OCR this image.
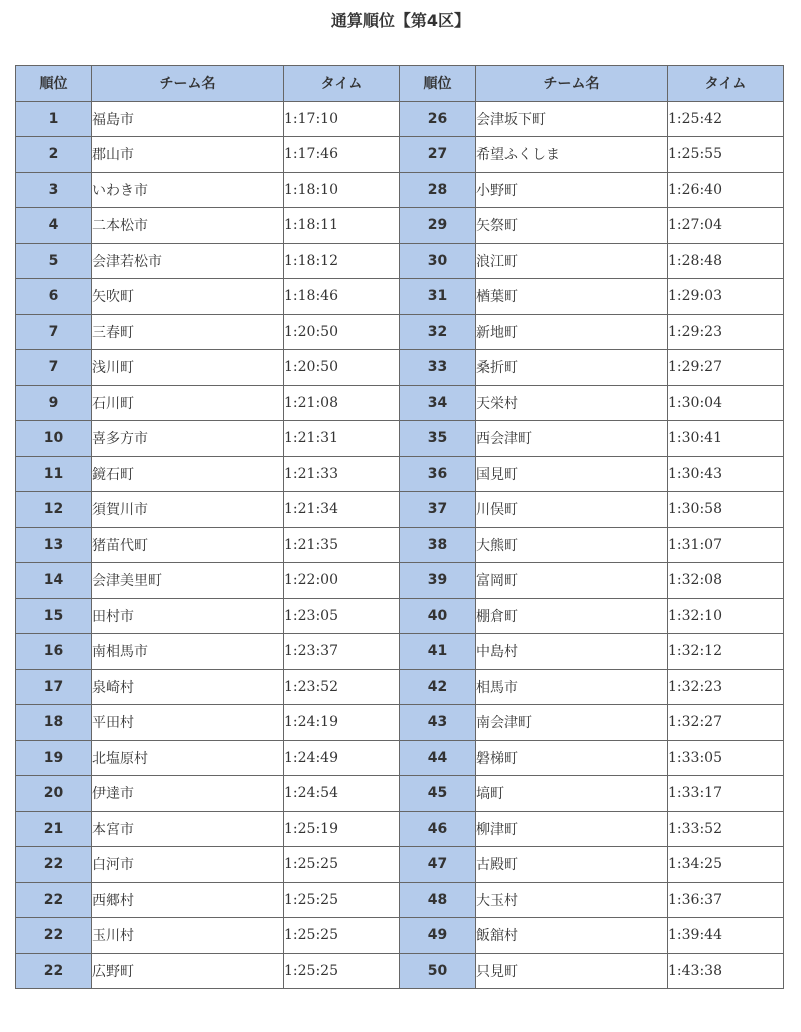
通算順位【第4区】
順位	チーム名	タイム	順位	チーム名	タイム
1	福島市	1:17:10	26	会津坂下町	1:25:42
2	郡山市	1:17:46	27	希望ふくしま	1:25:55
3	いわき市	1:18:10	28	小野町	1:26:40
4	二本松市	1:18:11	29	矢祭町	1:27:04
5	会津若松市	1:18:12	30	浪江町	1:28:48
6	矢吹町	1:18:46	31	楢葉町	1:29:03
7	三春町	1:20:50	32	新地町	1:29:23
7	浅川町	1:20:50	33	桑折町	1:29:27
9	石川町	1:21:08	34	天栄村	1:30:04
10	喜多方市	1:21:31	35	西会津町	1:30:41
11	鏡石町	1:21:33	36	国見町	1:30:43
12	須賀川市	1:21:34	37	川俣町	1:30:58
13	猪苗代町	1:21:35	38	大熊町	1:31:07
14	会津美里町	1:22:00	39	富岡町	1:32:08
15	田村市	1:23:05	40	棚倉町	1:32:10
16	南相馬市	1:23:37	41	中島村	1:32:12
17	泉崎村	1:23:52	42	相馬市	1:32:23
18	平田村	1:24:19	43	南会津町	1:32:27
19	北塩原村	1:24:49	44	磐梯町	1:33:05
20	伊達市	1:24:54	45	塙町	1:33:17
21	本宮市	1:25:19	46	柳津町	1:33:52
22	白河市	1:25:25	47	古殿町	1:34:25
22	西郷村	1:25:25	48	大玉村	1:36:37
22	玉川村	1:25:25	49	飯舘村	1:39:44
22	広野町	1:25:25	50	只見町	1:43:38
